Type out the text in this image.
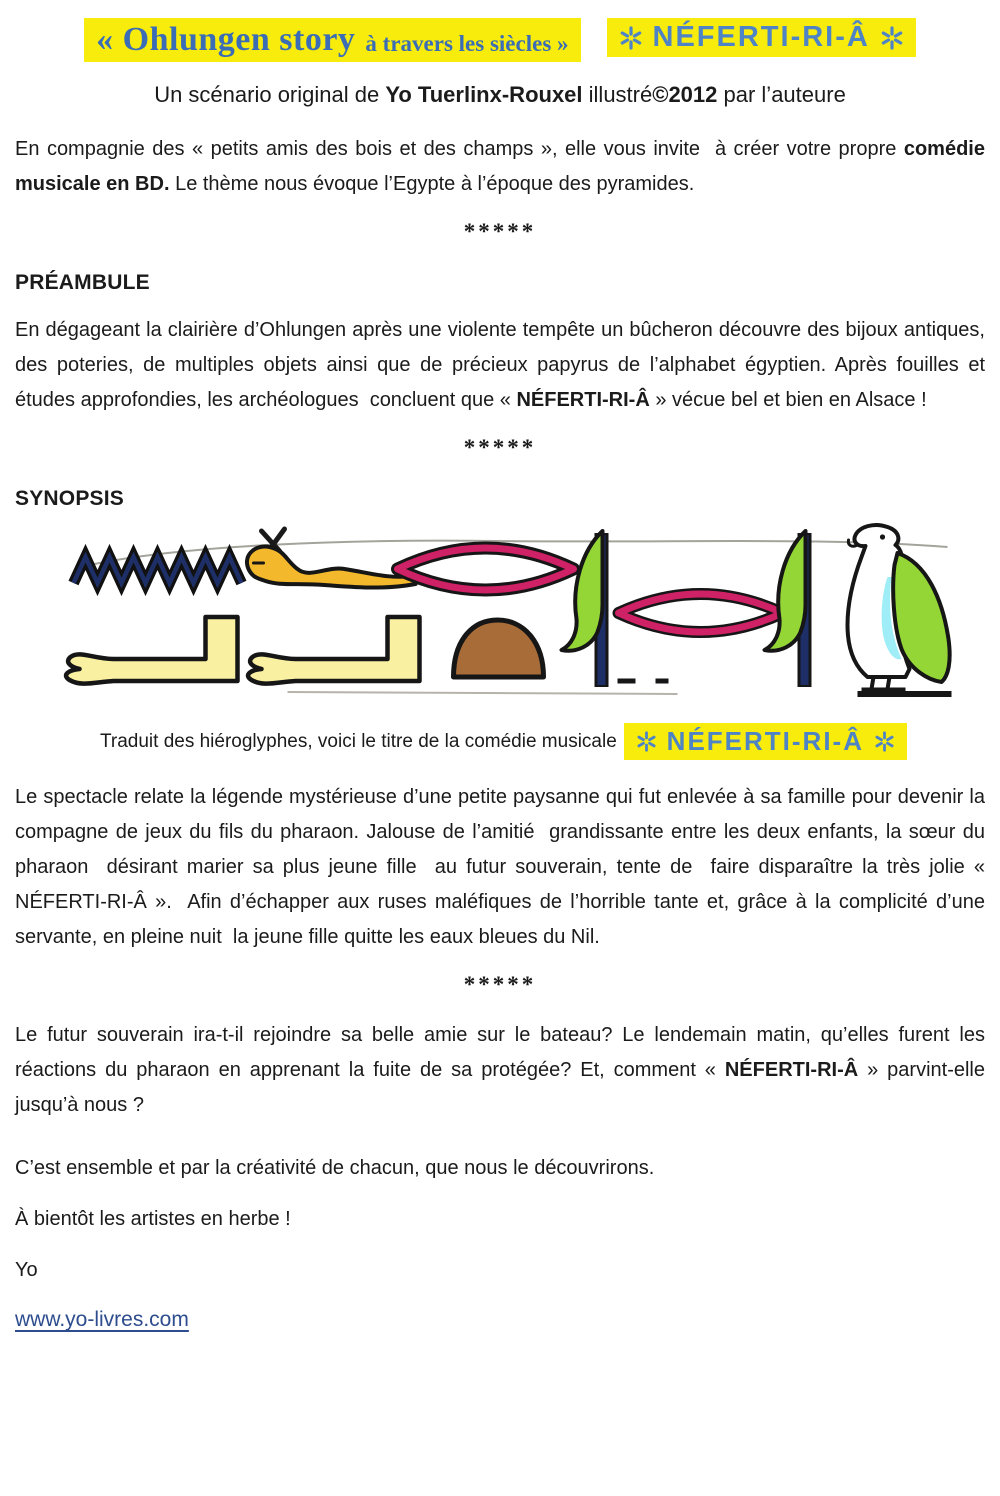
« Ohlungen story à travers les siècles »	NÉFERTI-RI-Â

Un scénario original de Yo Tuerlinx-Rouxel illustré©2012 par l’auteure

En compagnie des « petits amis des bois et des champs », elle vous invite  à créer votre propre comédie musicale en BD. Le thème nous évoque l’Egypte à l’époque des pyramides.

*****

PRÉAMBULE

En dégageant la clairière d’Ohlungen après une violente tempête un bûcheron découvre des bijoux antiques, des poteries, de multiples objets ainsi que de précieux papyrus de l’alphabet égyptien. Après fouilles et études approfondies, les archéologues  concluent que « NÉFERTI-RI-Â » vécue bel et bien en Alsace !

*****

SYNOPSIS
Traduit des hiéroglyphes, voici le titre de la comédie musicale NÉFERTI-RI-Â

Le spectacle relate la légende mystérieuse d’une petite paysanne qui fut enlevée à sa famille pour devenir la compagne de jeux du fils du pharaon. Jalouse de l’amitié  grandissante entre les deux enfants, la sœur du pharaon  désirant marier sa plus jeune fille  au futur souverain, tente de  faire disparaître la très jolie « NÉFERTI-RI-Â ».  Afin d’échapper aux ruses maléfiques de l’horrible tante et, grâce à la complicité d’une servante, en pleine nuit  la jeune fille quitte les eaux bleues du Nil.

*****

Le futur souverain ira-t-il rejoindre sa belle amie sur le bateau? Le lendemain matin, qu’elles furent les réactions du pharaon en apprenant la fuite de sa protégée? Et, comment « NÉFERTI-RI-Â » parvint-elle jusqu’à nous ?

C’est ensemble et par la créativité de chacun, que nous le découvrirons.

À bientôt les artistes en herbe !

Yo

www.yo-livres.com
